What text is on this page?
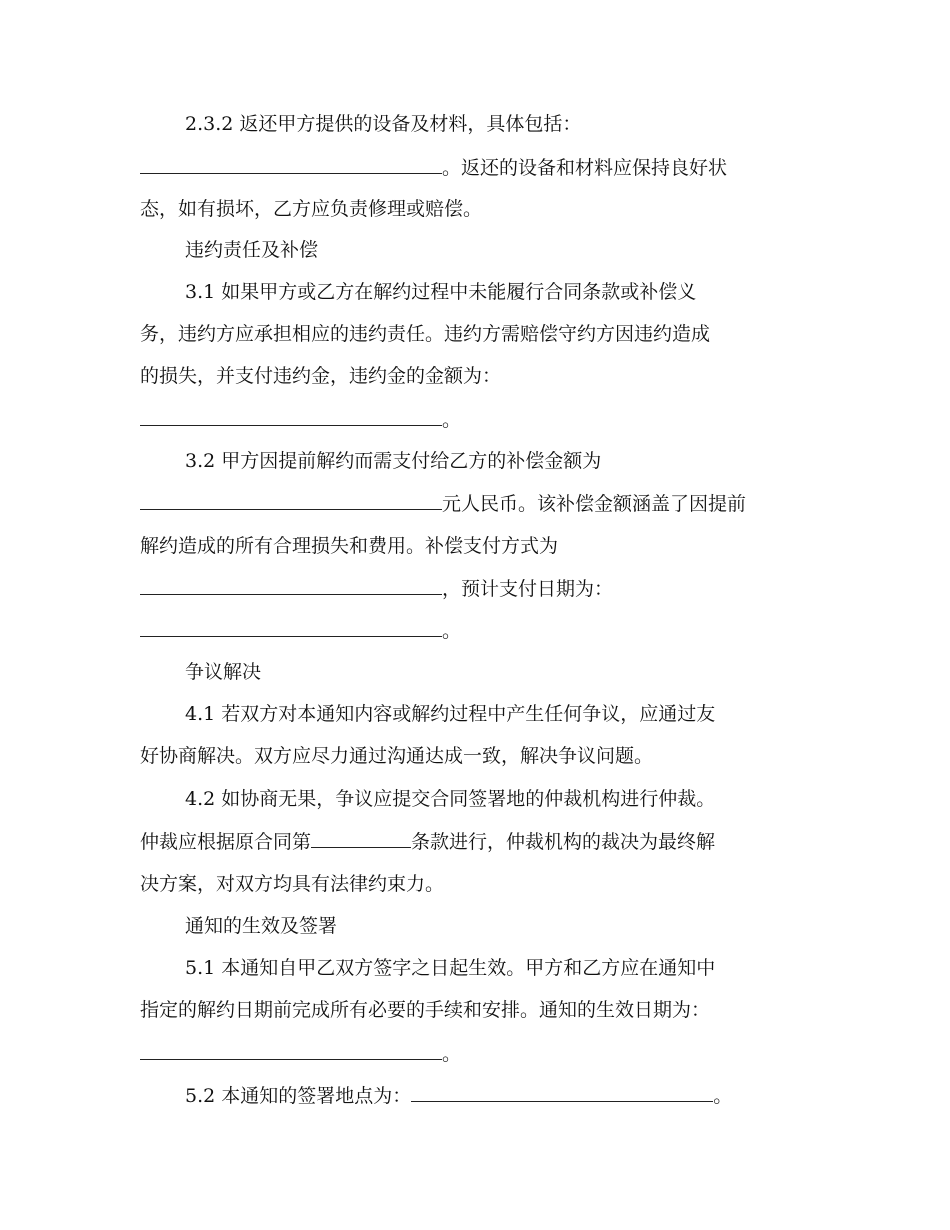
2.3.2 返还甲方提供的设备及材料，具体包括：
。返还的设备和材料应保持良好状
态，如有损坏，乙方应负责修理或赔偿。
违约责任及补偿
3.1 如果甲方或乙方在解约过程中未能履行合同条款或补偿义
务，违约方应承担相应的违约责任。违约方需赔偿守约方因违约造成
的损失，并支付违约金，违约金的金额为：
。
3.2 甲方因提前解约而需支付给乙方的补偿金额为
元人民币。该补偿金额涵盖了因提前
解约造成的所有合理损失和费用。补偿支付方式为
，预计支付日期为：
。
争议解决
4.1 若双方对本通知内容或解约过程中产生任何争议，应通过友
好协商解决。双方应尽力通过沟通达成一致，解决争议问题。
4.2 如协商无果，争议应提交合同签署地的仲裁机构进行仲裁。
仲裁应根据原合同第	条款进行，仲裁机构的裁决为最终解
决方案，对双方均具有法律约束力。
通知的生效及签署
5.1 本通知自甲乙双方签字之日起生效。甲方和乙方应在通知中
指定的解约日期前完成所有必要的手续和安排。通知的生效日期为：
。
5.2 本通知的签署地点为：	。
